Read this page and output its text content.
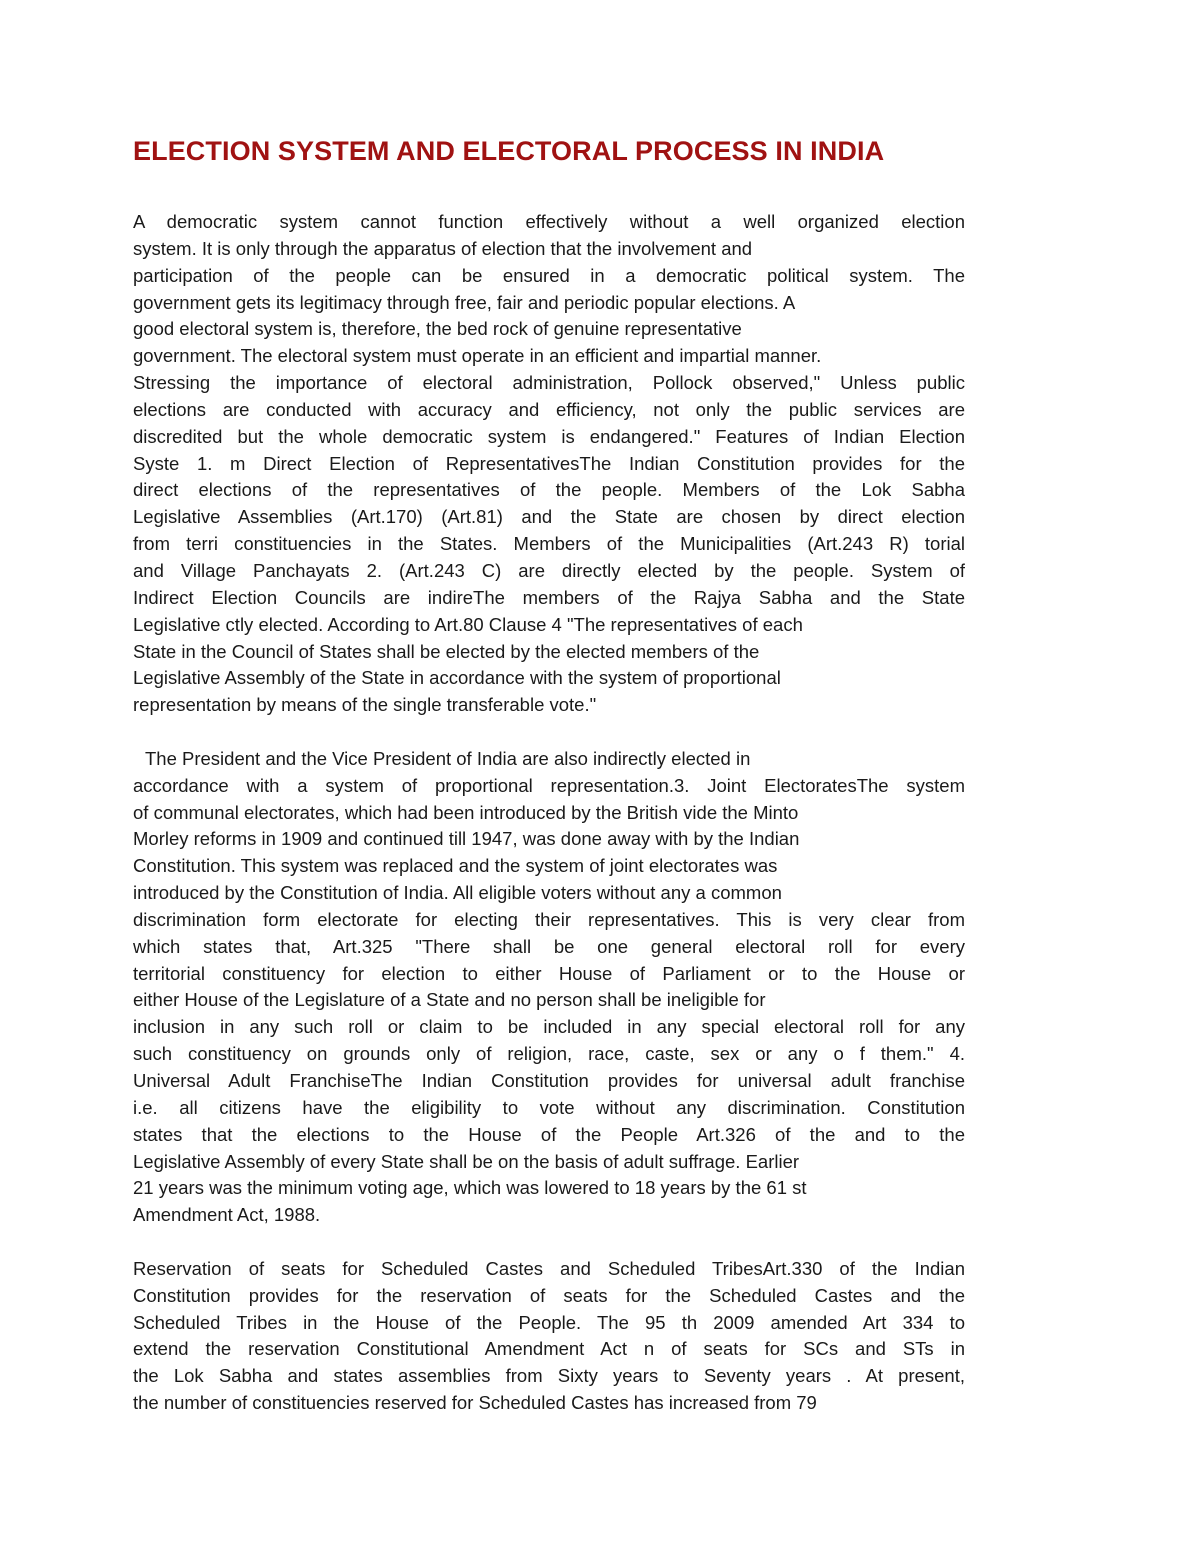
ELECTION SYSTEM AND ELECTORAL PROCESS IN INDIA
A democratic system cannot function effectively without a well organized election
system. It is only through the apparatus of election that the involvement and
participation of the people can be ensured in a democratic political system. The
government gets its legitimacy through free, fair and periodic popular elections. A
good electoral system is, therefore, the bed rock of genuine representative
government. The electoral system must operate in an efficient and impartial manner.
Stressing the importance of electoral administration, Pollock observed," Unless public
elections are conducted with accuracy and efficiency, not only the public services are
discredited but the whole democratic system is endangered." Features of Indian Election
Syste 1. m Direct Election of RepresentativesThe Indian Constitution provides for the
direct elections of the representatives of the people. Members of the Lok Sabha
Legislative Assemblies (Art.170) (Art.81) and the State are chosen by direct election
from terri constituencies in the States. Members of the Municipalities (Art.243 R) torial
and Village Panchayats 2. (Art.243 C) are directly elected by the people. System of
Indirect Election Councils are indireThe members of the Rajya Sabha and the State
Legislative ctly elected. According to Art.80 Clause 4 "The representatives of each
State in the Council of States shall be elected by the elected members of the
Legislative Assembly of the State in accordance with the system of proportional
representation by means of the single transferable vote."
The President and the Vice President of India are also indirectly elected in
accordance with a system of proportional representation.3. Joint ElectoratesThe system
of communal electorates, which had been introduced by the British vide the Minto
Morley reforms in 1909 and continued till 1947, was done away with by the Indian
Constitution. This system was replaced and the system of joint electorates was
introduced by the Constitution of India. All eligible voters without any a common
discrimination form electorate for electing their representatives. This is very clear from
which states that, Art.325 "There shall be one general electoral roll for every
territorial constituency for election to either House of Parliament or to the House or
either House of the Legislature of a State and no person shall be ineligible for
inclusion in any such roll or claim to be included in any special electoral roll for any
such constituency on grounds only of religion, race, caste, sex or any o f them." 4.
Universal Adult FranchiseThe Indian Constitution provides for universal adult franchise
i.e. all citizens have the eligibility to vote without any discrimination. Constitution
states that the elections to the House of the People Art.326 of the and to the
Legislative Assembly of every State shall be on the basis of adult suffrage. Earlier
21 years was the minimum voting age, which was lowered to 18 years by the 61 st
Amendment Act, 1988.
Reservation of seats for Scheduled Castes and Scheduled TribesArt.330 of the Indian
Constitution provides for the reservation of seats for the Scheduled Castes and the
Scheduled Tribes in the House of the People. The 95 th 2009 amended Art 334 to
extend the reservation Constitutional Amendment Act n of seats for SCs and STs in
the Lok Sabha and states assemblies from Sixty years to Seventy years . At present,
the number of constituencies reserved for Scheduled Castes has increased from 79
